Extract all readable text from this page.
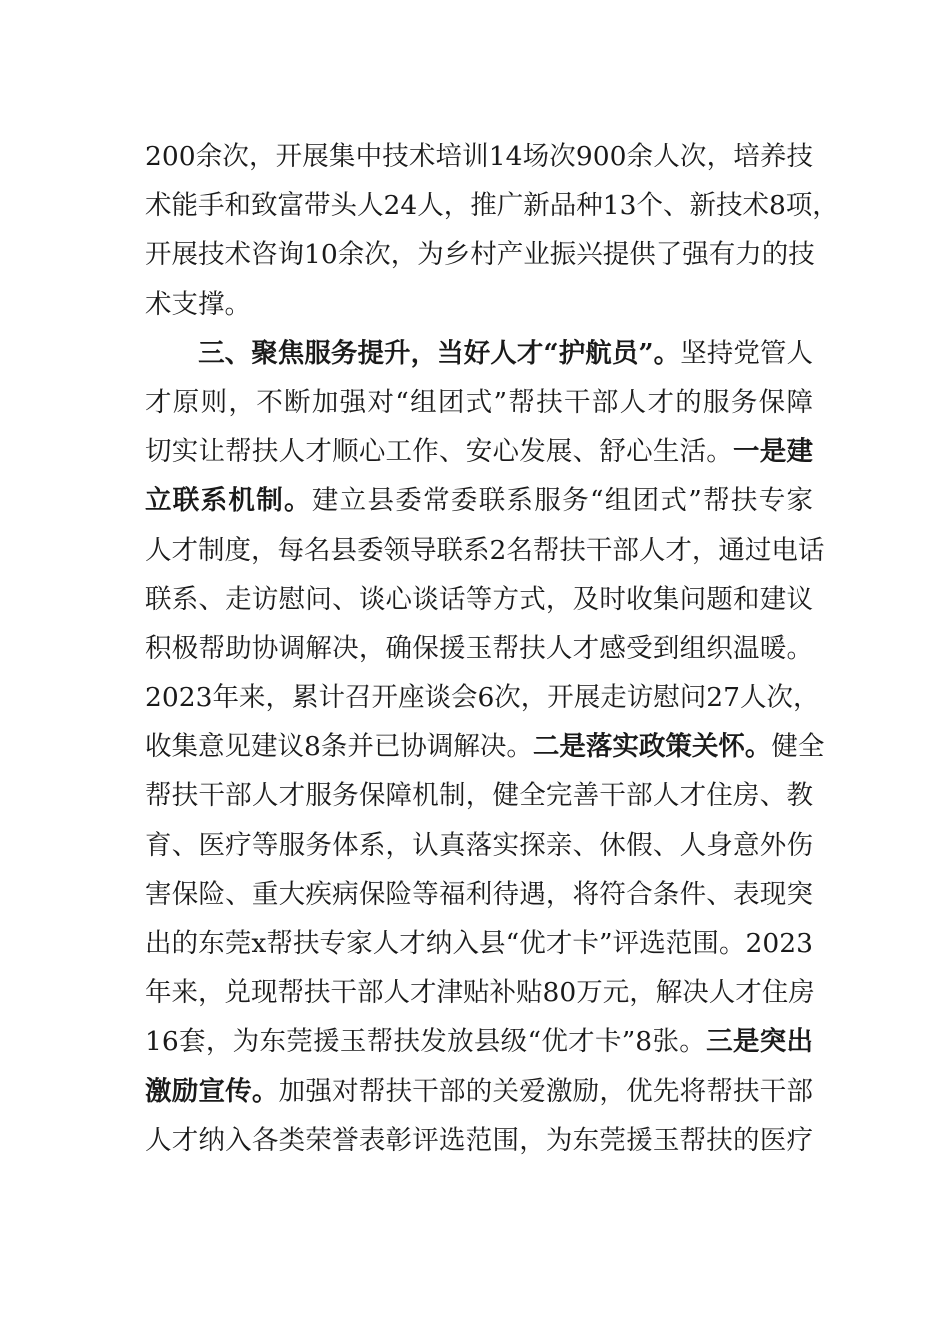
200余次，开展集中技术培训14场次900余人次，培养技
术能手和致富带头人24人，推广新品种13个、新技术8项，
开展技术咨询10余次，为乡村产业振兴提供了强有力的技
术支撑。
　　三、聚焦服务提升，当好人才“护航员”。坚持党管人
才原则，不断加强对“组团式”帮扶干部人才的服务保障
切实让帮扶人才顺心工作、安心发展、舒心生活。一是建
立联系机制。建立县委常委联系服务“组团式”帮扶专家
人才制度，每名县委领导联系2名帮扶干部人才，通过电话
联系、走访慰问、谈心谈话等方式，及时收集问题和建议
积极帮助协调解决，确保援玉帮扶人才感受到组织温暖。
2023年来，累计召开座谈会6次，开展走访慰问27人次，
收集意见建议8条并已协调解决。二是落实政策关怀。健全
帮扶干部人才服务保障机制，健全完善干部人才住房、教
育、医疗等服务体系，认真落实探亲、休假、人身意外伤
害保险、重大疾病保险等福利待遇，将符合条件、表现突
出的东莞x帮扶专家人才纳入县“优才卡”评选范围。2023
年来，兑现帮扶干部人才津贴补贴80万元，解决人才住房
16套，为东莞援玉帮扶发放县级“优才卡”8张。三是突出
激励宣传。加强对帮扶干部的关爱激励，优先将帮扶干部
人才纳入各类荣誉表彰评选范围，为东莞援玉帮扶的医疗
